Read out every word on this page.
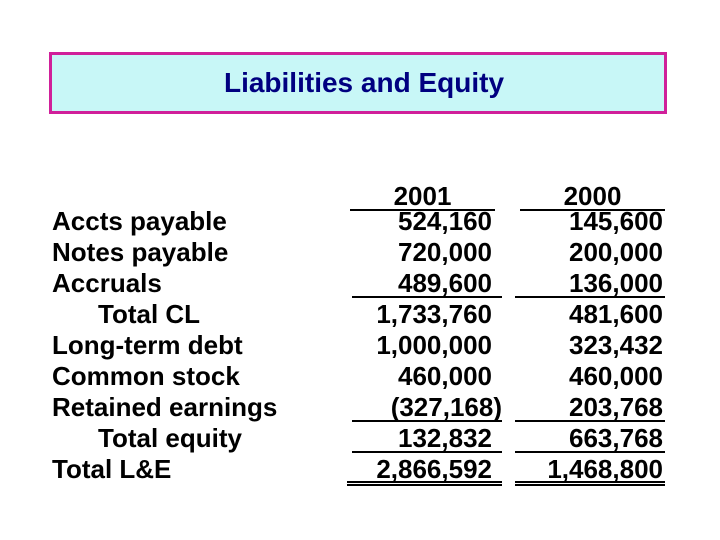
Liabilities and Equity
2001	2000
Accts payable
Notes payable
Accruals
Total CL
Long-term debt
Common stock
Retained earnings
Total equity
Total L&E
524,160
720,000
489,600
1,733,760
1,000,000
460,000
(327,168)
132,832
2,866,592
145,600
200,000
136,000
481,600
323,432
460,000
203,768
663,768
1,468,800
